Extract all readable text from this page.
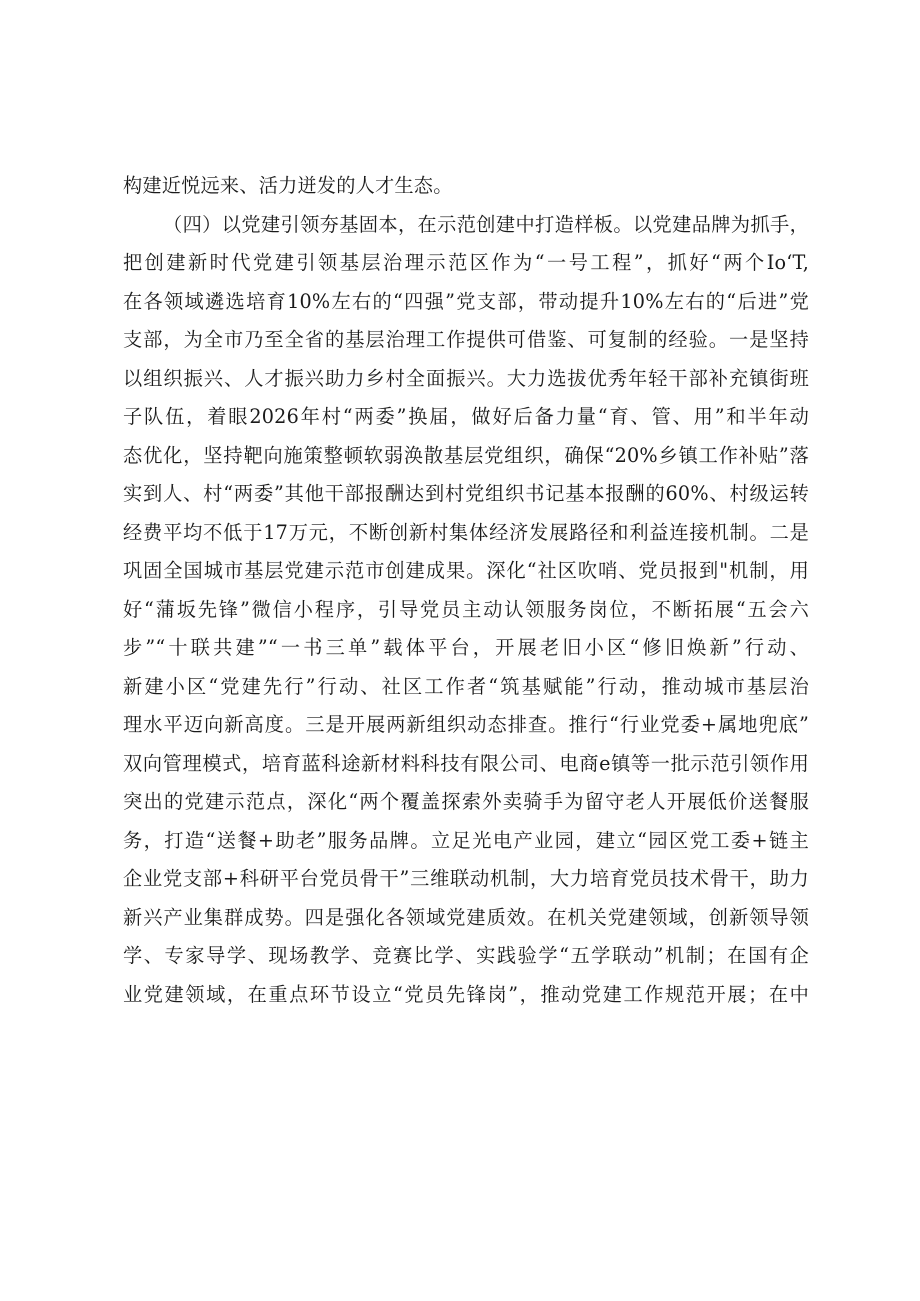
构建近悦远来、活力迸发的人才生态。
（四）以党建引领夯基固本，在示范创建中打造样板。以党建品牌为抓手，
把创建新时代党建引领基层治理示范区作为“一号工程”，抓好“两个Io‘T,
在各领域遴选培育10%左右的“四强”党支部，带动提升10%左右的“后进”党
支部，为全市乃至全省的基层治理工作提供可借鉴、可复制的经验。一是坚持
以组织振兴、人才振兴助力乡村全面振兴。大力选拔优秀年轻干部补充镇街班
子队伍，着眼2026年村“两委”换届，做好后备力量“育、管、用”和半年动
态优化，坚持靶向施策整顿软弱涣散基层党组织，确保“20%乡镇工作补贴”落
实到人、村“两委”其他干部报酬达到村党组织书记基本报酬的60%、村级运转
经费平均不低于17万元，不断创新村集体经济发展路径和利益连接机制。二是
巩固全国城市基层党建示范市创建成果。深化“社区吹哨、党员报到"机制，用
好“蒲坂先锋”微信小程序，引导党员主动认领服务岗位，不断拓展“五会六
步”“十联共建”“一书三单”载体平台，开展老旧小区“修旧焕新”行动、
新建小区“党建先行”行动、社区工作者“筑基赋能”行动，推动城市基层治
理水平迈向新高度。三是开展两新组织动态排查。推行“行业党委+属地兜底”
双向管理模式，培育蓝科途新材料科技有限公司、电商e镇等一批示范引领作用
突出的党建示范点，深化“两个覆盖探索外卖骑手为留守老人开展低价送餐服
务，打造“送餐+助老”服务品牌。立足光电产业园，建立“园区党工委+链主
企业党支部+科研平台党员骨干”三维联动机制，大力培育党员技术骨干，助力
新兴产业集群成势。四是强化各领域党建质效。在机关党建领域，创新领导领
学、专家导学、现场教学、竞赛比学、实践验学“五学联动”机制；在国有企
业党建领域，在重点环节设立“党员先锋岗”，推动党建工作规范开展；在中
